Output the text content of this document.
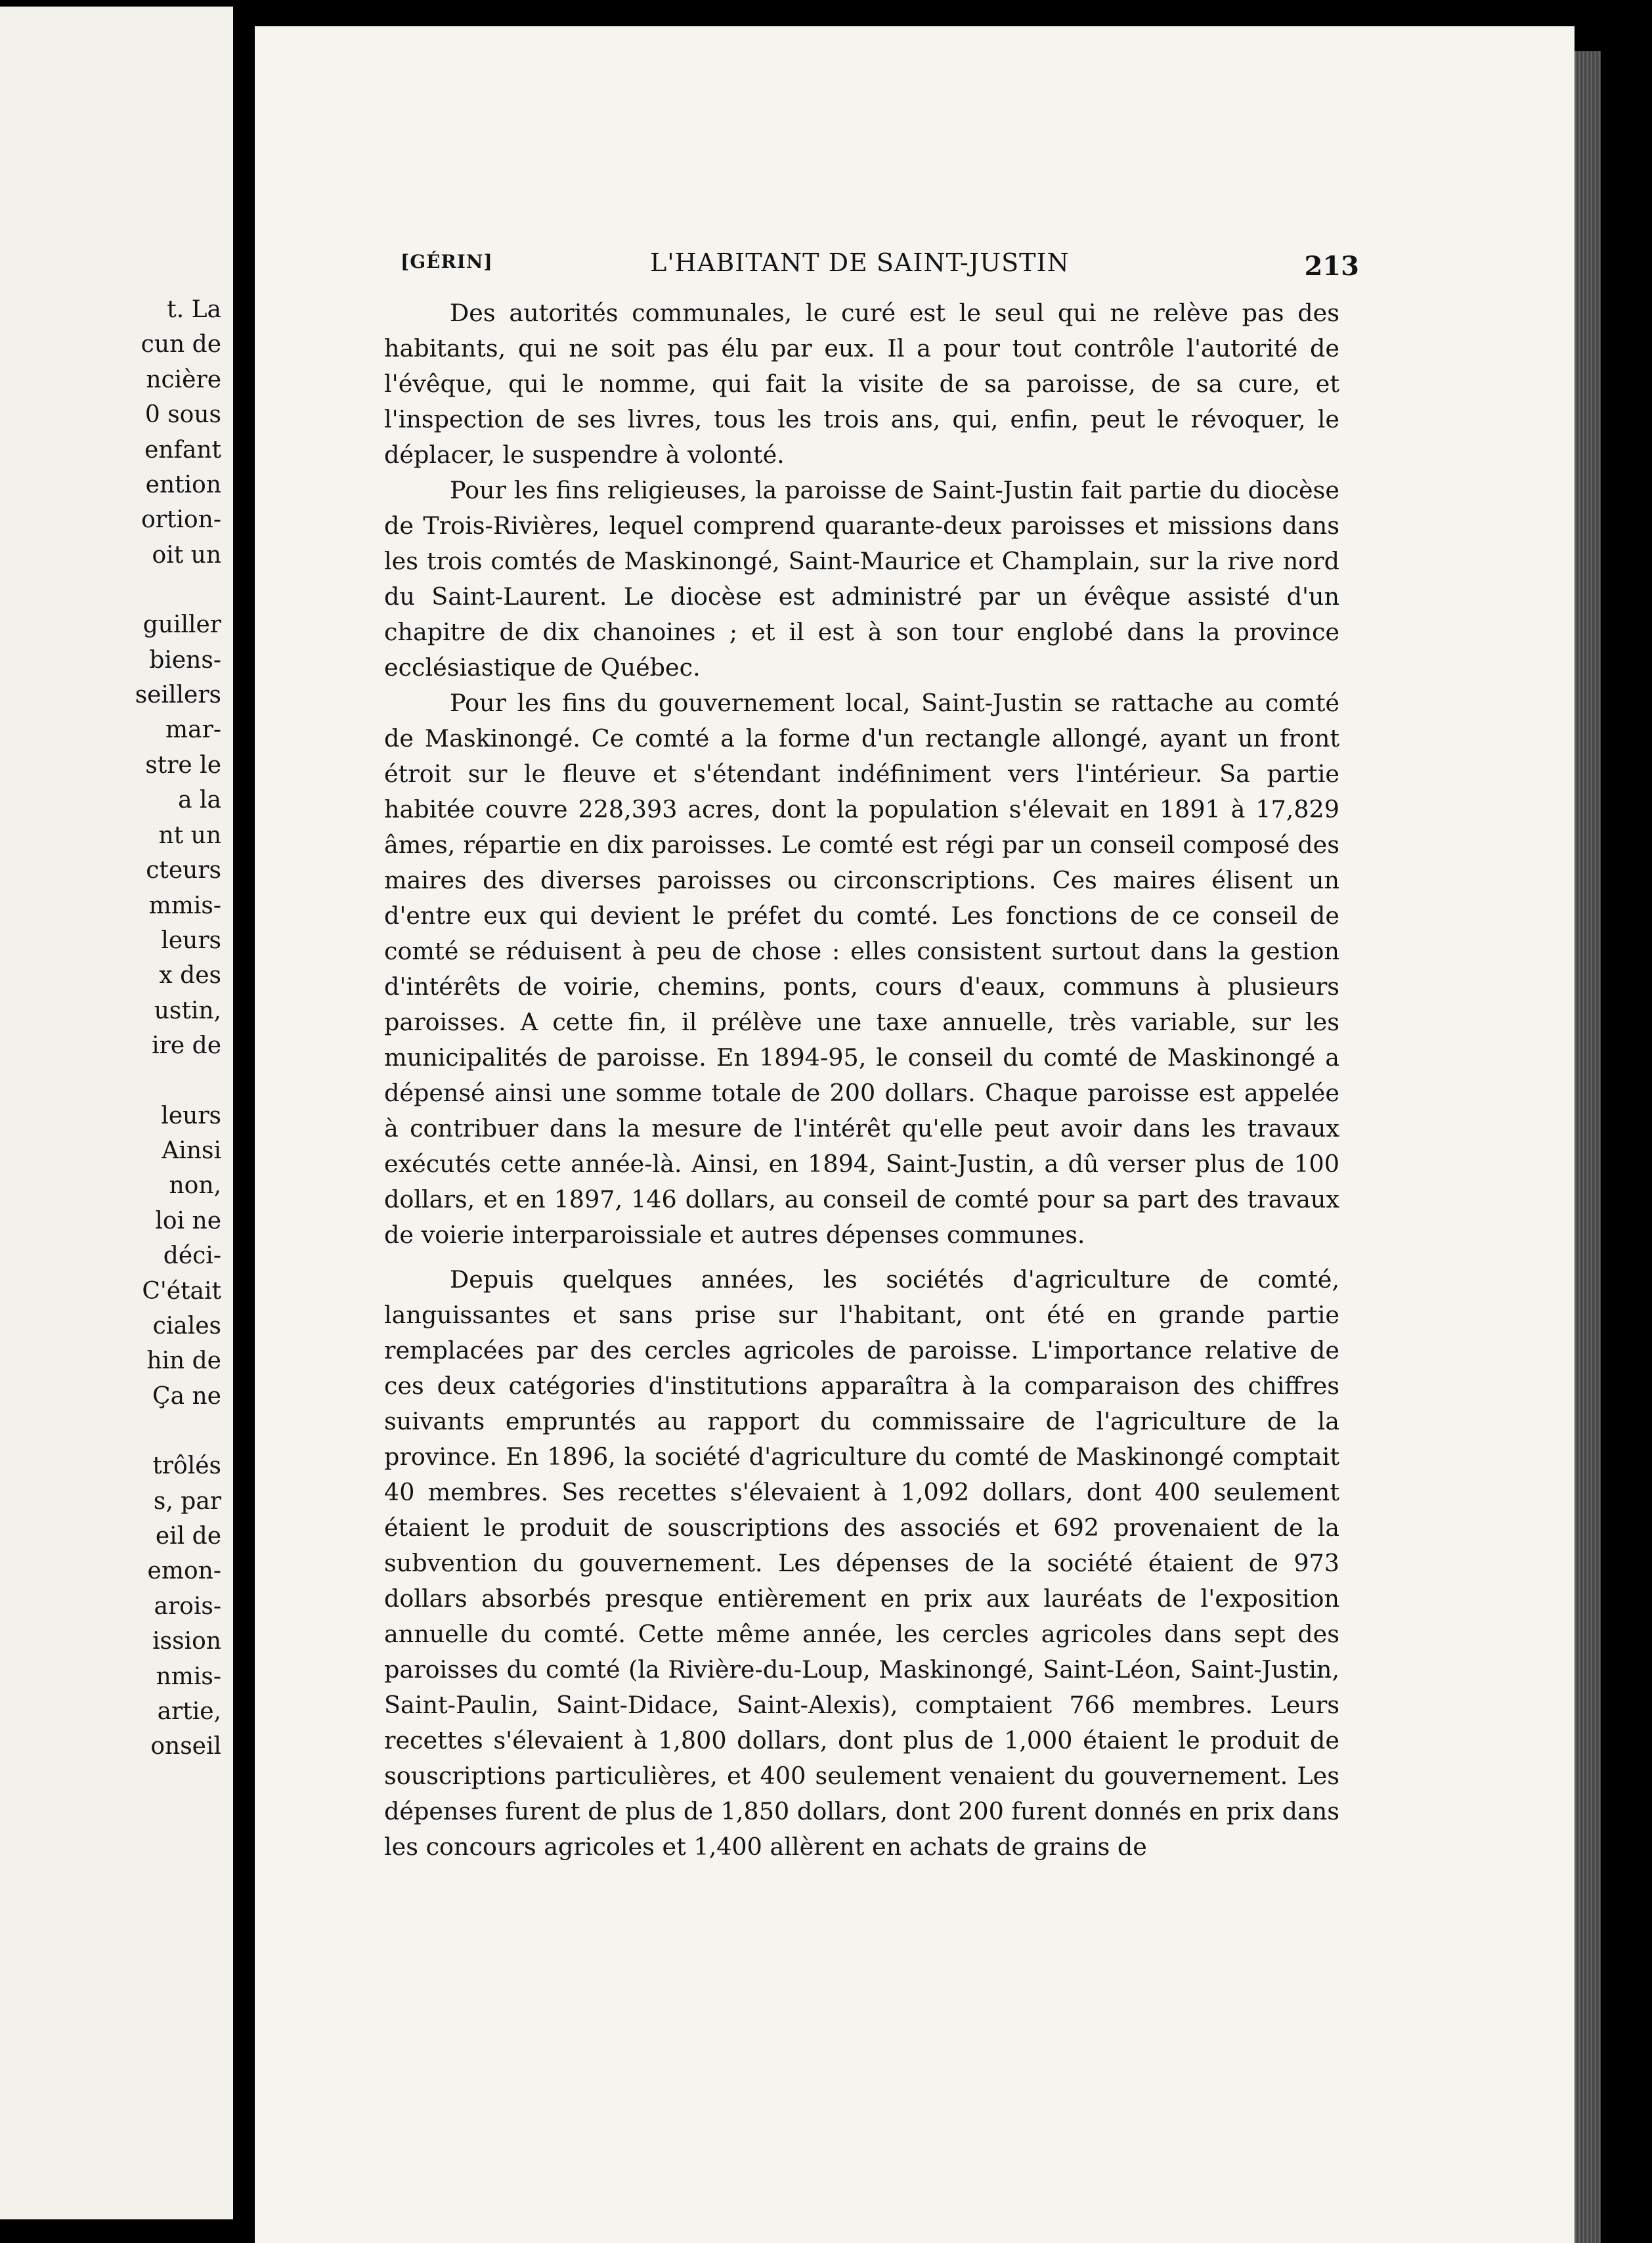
t. La
cun de
ncière
0 sous
enfant
ention
ortion-
oit un
guiller
biens-
seillers
mar-
stre le
a la
nt un
cteurs
mmis-
leurs
x des
ustin,
ire de
leurs
Ainsi
non,
loi ne
déci-
C'était
ciales
hin de
Ça ne
trôlés
s, par
eil de
emon-
arois-
ission
nmis-
artie,
onseil
[GÉRIN]	L'HABITANT DE SAINT-JUSTIN	213

Des autorités communales, le curé est le seul qui ne relève pas des habitants, qui ne soit pas élu par eux. Il a pour tout contrôle l'autorité de l'évêque, qui le nomme, qui fait la visite de sa paroisse, de sa cure, et l'inspection de ses livres, tous les trois ans, qui, enfin, peut le révoquer, le déplacer, le suspendre à volonté.

Pour les fins religieuses, la paroisse de Saint-Justin fait partie du diocèse de Trois-Rivières, lequel comprend quarante-deux paroisses et missions dans les trois comtés de Maskinongé, Saint-Maurice et Champlain, sur la rive nord du Saint-Laurent. Le diocèse est administré par un évêque assisté d'un chapitre de dix chanoines ; et il est à son tour englobé dans la province ecclésiastique de Québec.

Pour les fins du gouvernement local, Saint-Justin se rattache au comté de Maskinongé. Ce comté a la forme d'un rectangle allongé, ayant un front étroit sur le fleuve et s'étendant indéfiniment vers l'intérieur. Sa partie habitée couvre 228,393 acres, dont la population s'élevait en 1891 à 17,829 âmes, répartie en dix paroisses. Le comté est régi par un conseil composé des maires des diverses paroisses ou circonscriptions. Ces maires élisent un d'entre eux qui devient le préfet du comté. Les fonctions de ce conseil de comté se réduisent à peu de chose : elles consistent surtout dans la gestion d'intérêts de voirie, chemins, ponts, cours d'eaux, communs à plusieurs paroisses. A cette fin, il prélève une taxe annuelle, très variable, sur les municipalités de paroisse. En 1894-95, le conseil du comté de Maskinongé a dépensé ainsi une somme totale de 200 dollars. Chaque paroisse est appelée à contribuer dans la mesure de l'intérêt qu'elle peut avoir dans les travaux exécutés cette année-là. Ainsi, en 1894, Saint-Justin, a dû verser plus de 100 dollars, et en 1897, 146 dollars, au conseil de comté pour sa part des travaux de voierie interparoissiale et autres dépenses communes.

Depuis quelques années, les sociétés d'agriculture de comté, languissantes et sans prise sur l'habitant, ont été en grande partie remplacées par des cercles agricoles de paroisse. L'importance relative de ces deux catégories d'institutions apparaîtra à la comparaison des chiffres suivants empruntés au rapport du commissaire de l'agriculture de la province. En 1896, la société d'agriculture du comté de Maskinongé comptait 40 membres. Ses recettes s'élevaient à 1,092 dollars, dont 400 seulement étaient le produit de souscriptions des associés et 692 provenaient de la subvention du gouvernement. Les dépenses de la société étaient de 973 dollars absorbés presque entièrement en prix aux lauréats de l'exposition annuelle du comté. Cette même année, les cercles agricoles dans sept des paroisses du comté (la Rivière-du-Loup, Maskinongé, Saint-Léon, Saint-Justin, Saint-Paulin, Saint-Didace, Saint-Alexis), comptaient 766 membres. Leurs recettes s'élevaient à 1,800 dollars, dont plus de 1,000 étaient le produit de souscriptions particulières, et 400 seulement venaient du gouvernement. Les dépenses furent de plus de 1,850 dollars, dont 200 furent donnés en prix dans les concours agricoles et 1,400 allèrent en achats de grains de
